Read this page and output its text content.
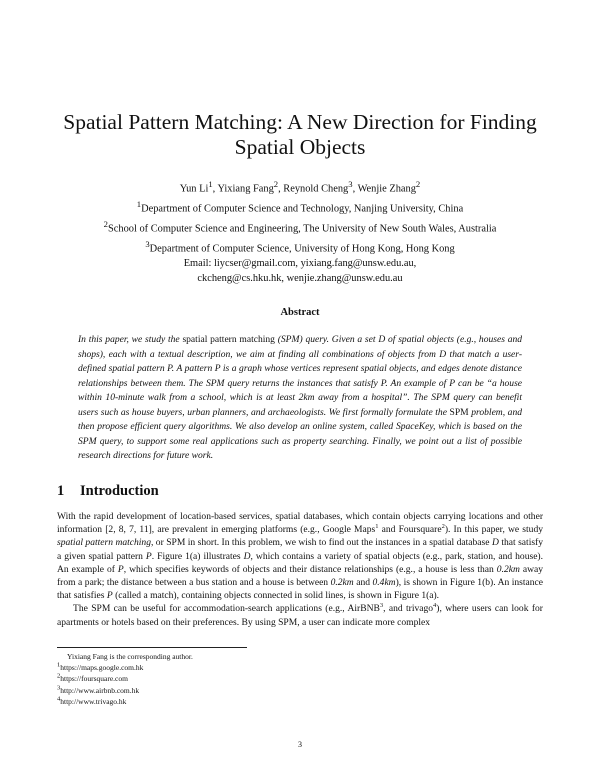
Spatial Pattern Matching: A New Direction for Finding
Spatial Objects
Yun Li$^1$, Yixiang Fang$^2$, Reynold Cheng$^3$, Wenjie Zhang$^2$
$^1$Department of Computer Science and Technology, Nanjing University, China
$^2$School of Computer Science and Engineering, The University of New South Wales, Australia
$^3$Department of Computer Science, University of Hong Kong, Hong Kong
Email: liycser@gmail.com, yixiang.fang@unsw.edu.au,
ckcheng@cs.hku.hk, wenjie.zhang@unsw.edu.au
Abstract
In this paper, we study the spatial pattern matching (SPM) query. Given a set D of spatial objects (e.g., houses and shops), each with a textual description, we aim at finding all combinations of objects from D that match a user-defined spatial pattern P. A pattern P is a graph whose vertices represent spatial objects, and edges denote distance relationships between them. The SPM query returns the instances that satisfy P. An example of P can be “a house within 10-minute walk from a school, which is at least 2km away from a hospital”. The SPM query can benefit users such as house buyers, urban planners, and archaeologists. We first formally formulate the SPM problem, and then propose efficient query algorithms. We also develop an online system, called SpaceKey, which is based on the SPM query, to support some real applications such as property searching. Finally, we point out a list of possible research directions for future work.
1 Introduction

With the rapid development of location-based services, spatial databases, which contain objects carrying locations and other information [2, 8, 7, 11], are prevalent in emerging platforms (e.g., Google Maps$^1$ and Foursquare$^2$). In this paper, we study spatial pattern matching, or SPM in short. In this problem, we wish to find out the instances in a spatial database D that satisfy a given spatial pattern P. Figure 1(a) illustrates D, which contains a variety of spatial objects (e.g., park, station, and house). An example of P, which specifies keywords of objects and their distance relationships (e.g., a house is less than 0.2km away from a park; the distance between a bus station and a house is between 0.2km and 0.4km), is shown in Figure 1(b). An instance that satisfies P (called a match), containing objects connected in solid lines, is shown in Figure 1(a).

The SPM can be useful for accommodation-search applications (e.g., AirBNB$^3$, and trivago$^4$), where users can look for apartments or hotels based on their preferences. By using SPM, a user can indicate more complex

Yixiang Fang is the corresponding author.
$^1$https://maps.google.com.hk
$^2$https://foursquare.com
$^3$http://www.airbnb.com.hk
$^4$http://www.trivago.hk
3
